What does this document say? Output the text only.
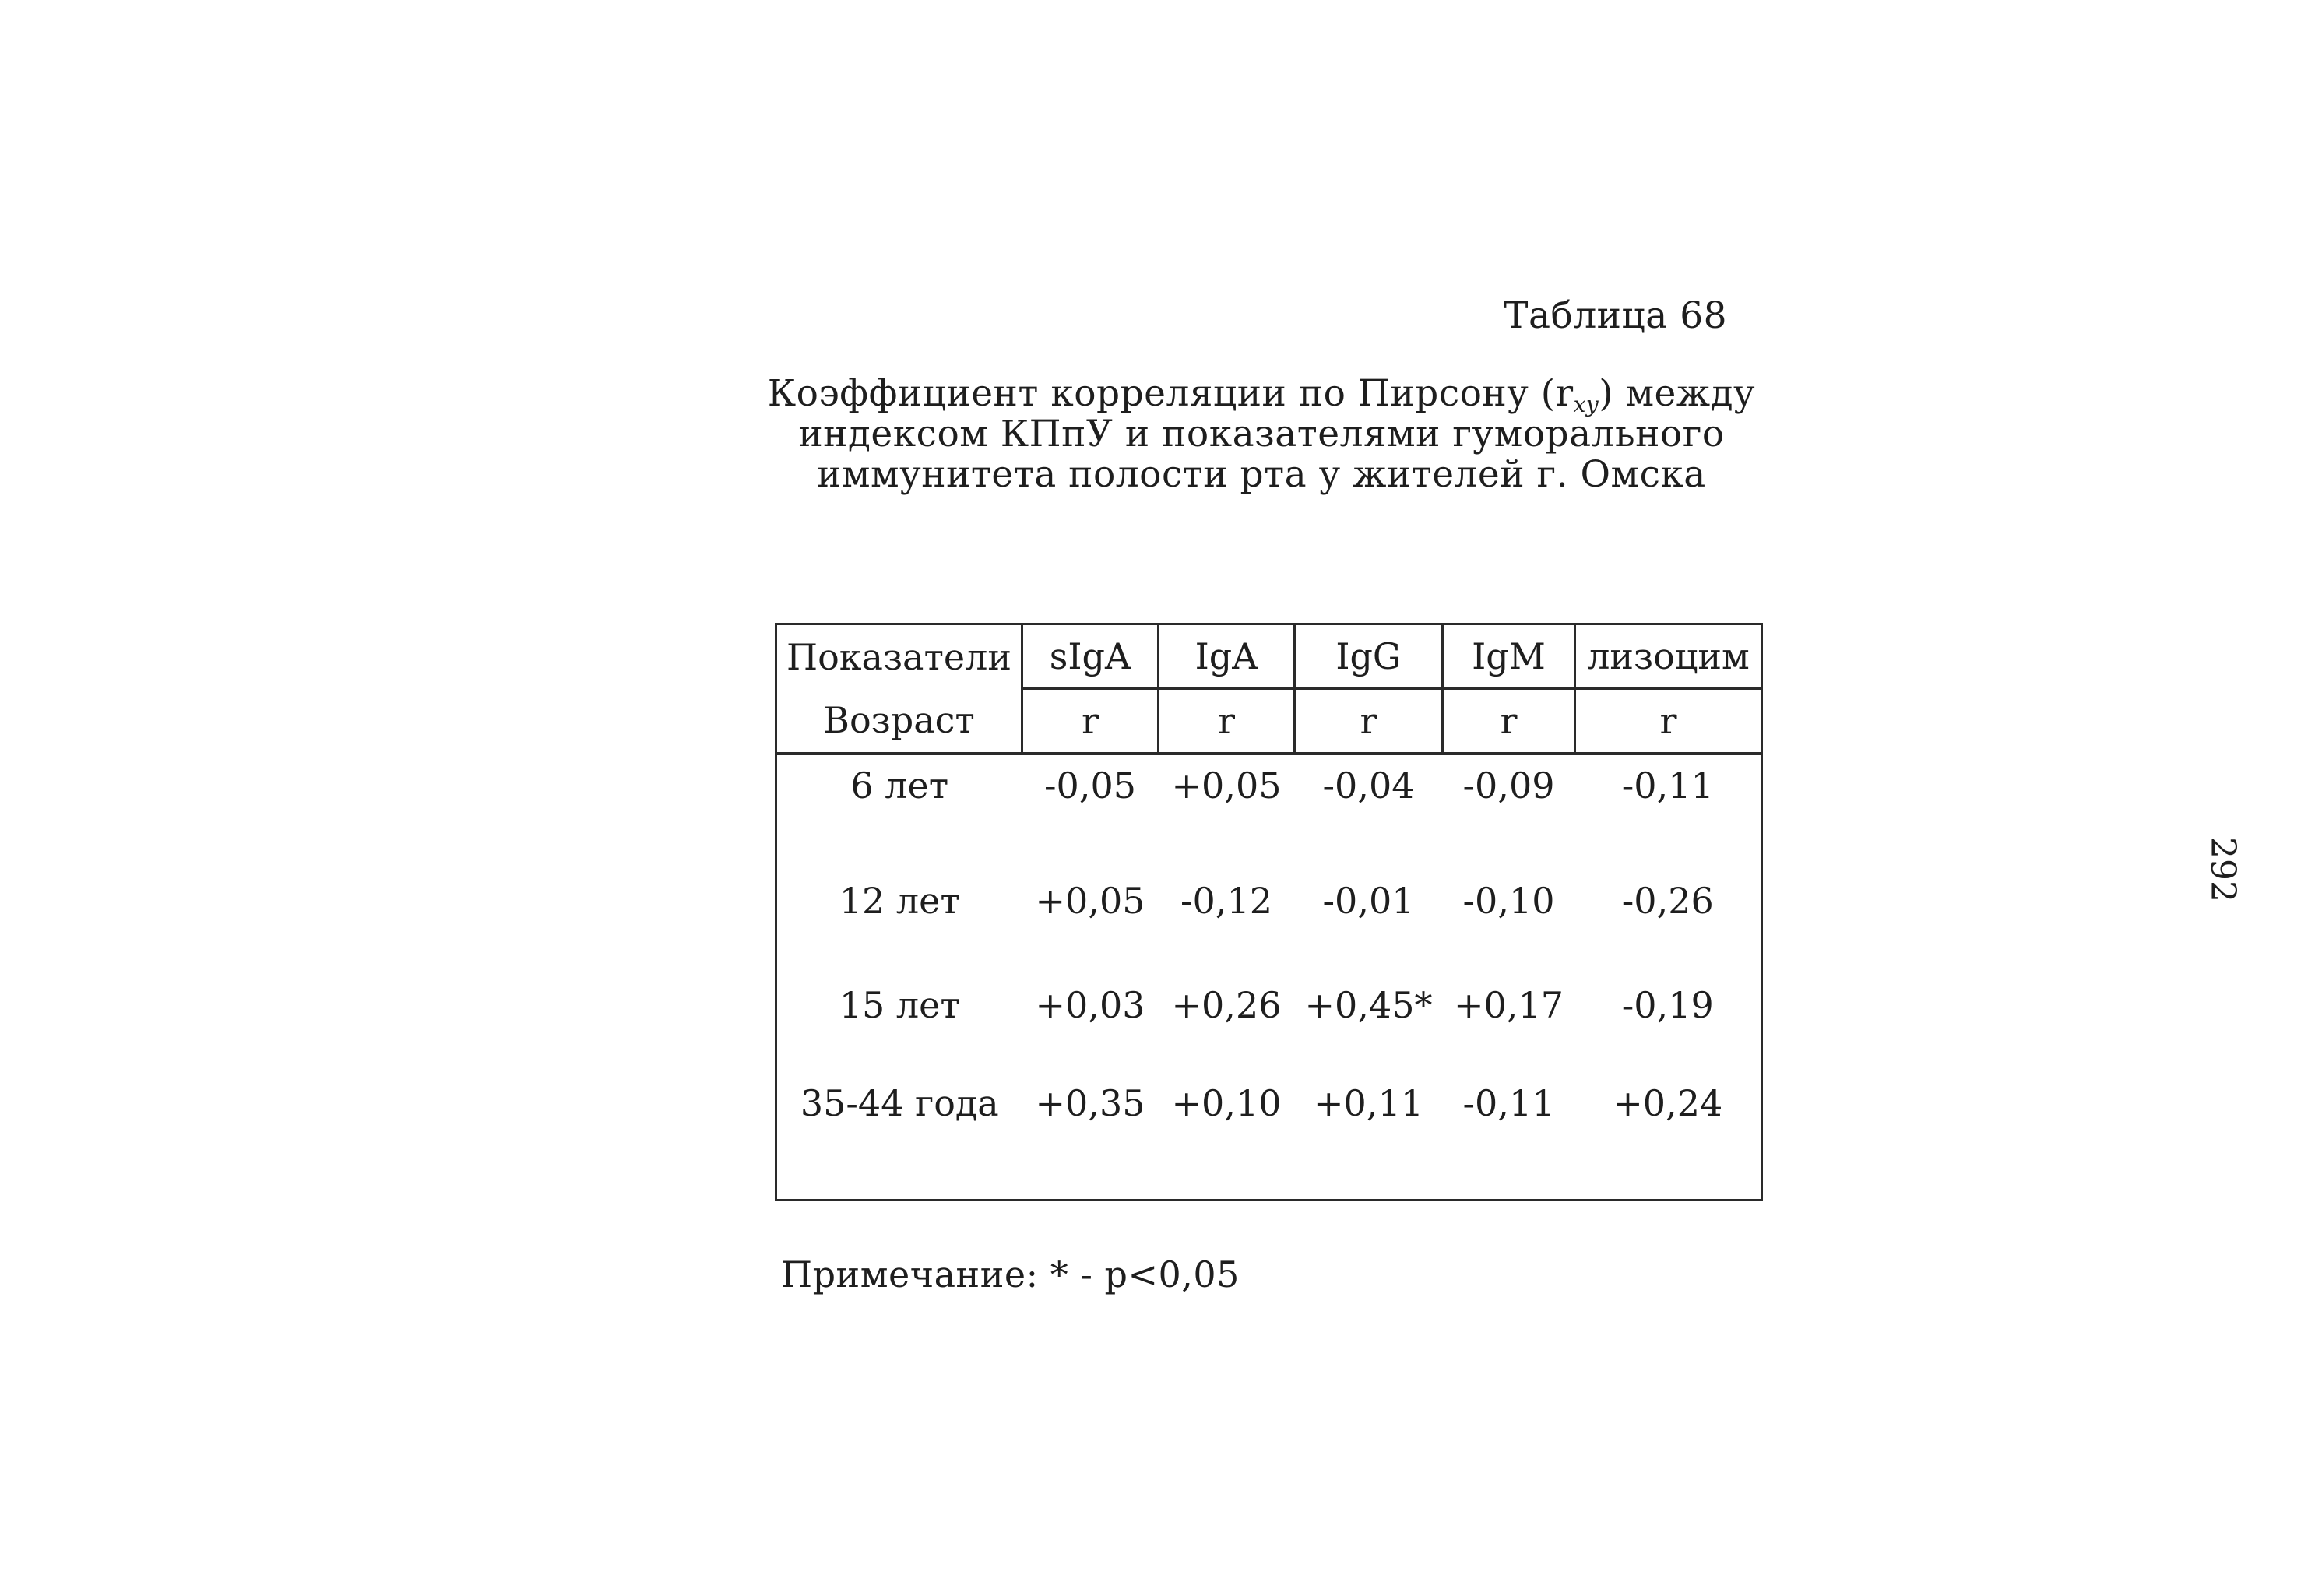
Таблица 68
Коэффициент корреляции по Пирсону $(r_{xy})$ между
индексом КПпУ и показателями гуморального
иммунитета полости рта у жителей г. Омска
Показатели	sIgA	IgA	IgG	IgM	лизоцим
Возраст	r	r	r	r	r
6 лет	-0,05	+0,05	-0,04	-0,09	-0,11
12 лет	+0,05	-0,12	-0,01	-0,10	-0,26
15 лет	+0,03	+0,26	+0,45*	+0,17	-0,19
35-44 года	+0,35	+0,10	+0,11	-0,11	+0,24
Примечание: * - p<0,05
292
